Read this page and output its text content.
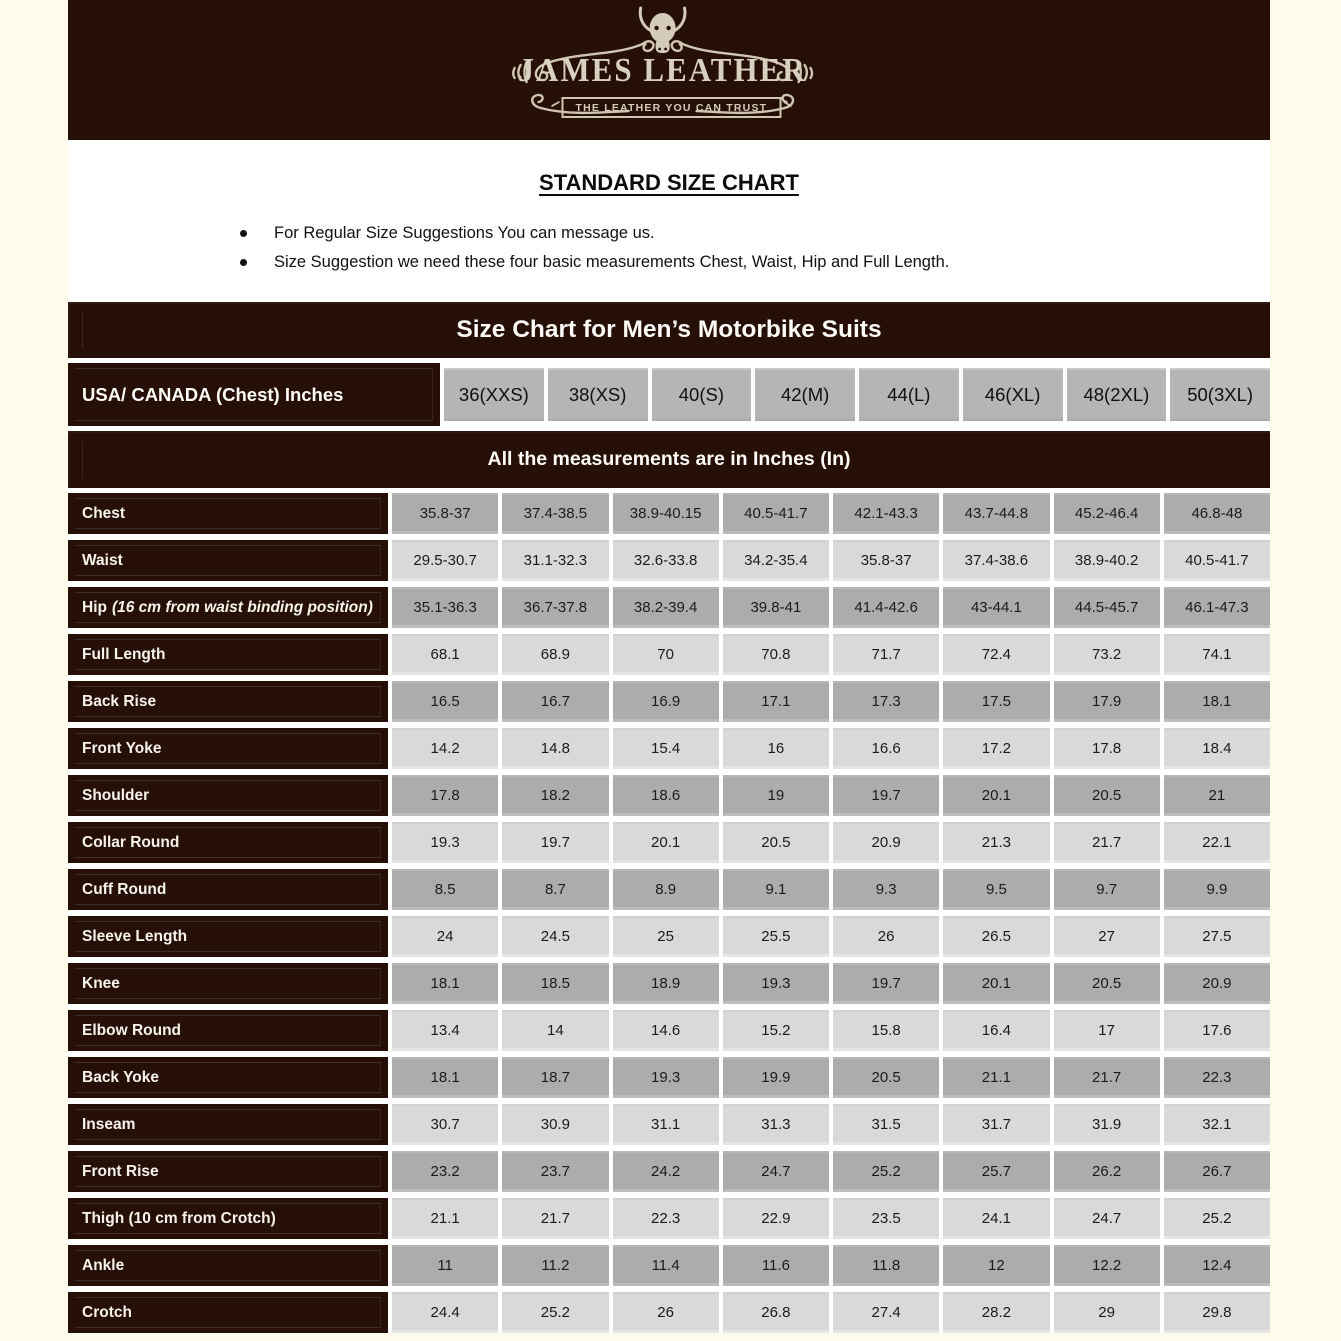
JAMES LEATHER
THE LEATHER YOU CAN TRUST
STANDARD SIZE CHART
For Regular Size Suggestions You can message us.
Size Suggestion we need these four basic measurements Chest, Waist, Hip and Full Length.
Size Chart for Men’s Motorbike Suits
USA/ CANADA (Chest) Inches	36(XXS)	38(XS)	40(S)	42(M)	44(L)	46(XL)	48(2XL)	50(3XL)
All the measurements are in Inches (In)
Chest	35.8-37	37.4-38.5	38.9-40.15	40.5-41.7	42.1-43.3	43.7-44.8	45.2-46.4	46.8-48
Waist	29.5-30.7	31.1-32.3	32.6-33.8	34.2-35.4	35.8-37	37.4-38.6	38.9-40.2	40.5-41.7
Hip (16 cm from waist binding position)	35.1-36.3	36.7-37.8	38.2-39.4	39.8-41	41.4-42.6	43-44.1	44.5-45.7	46.1-47.3
Full Length	68.1	68.9	70	70.8	71.7	72.4	73.2	74.1
Back Rise	16.5	16.7	16.9	17.1	17.3	17.5	17.9	18.1
Front Yoke	14.2	14.8	15.4	16	16.6	17.2	17.8	18.4
Shoulder	17.8	18.2	18.6	19	19.7	20.1	20.5	21
Collar Round	19.3	19.7	20.1	20.5	20.9	21.3	21.7	22.1
Cuff Round	8.5	8.7	8.9	9.1	9.3	9.5	9.7	9.9
Sleeve Length	24	24.5	25	25.5	26	26.5	27	27.5
Knee	18.1	18.5	18.9	19.3	19.7	20.1	20.5	20.9
Elbow Round	13.4	14	14.6	15.2	15.8	16.4	17	17.6
Back Yoke	18.1	18.7	19.3	19.9	20.5	21.1	21.7	22.3
Inseam	30.7	30.9	31.1	31.3	31.5	31.7	31.9	32.1
Front Rise	23.2	23.7	24.2	24.7	25.2	25.7	26.2	26.7
Thigh (10 cm from Crotch)	21.1	21.7	22.3	22.9	23.5	24.1	24.7	25.2
Ankle	11	11.2	11.4	11.6	11.8	12	12.2	12.4
Crotch	24.4	25.2	26	26.8	27.4	28.2	29	29.8
